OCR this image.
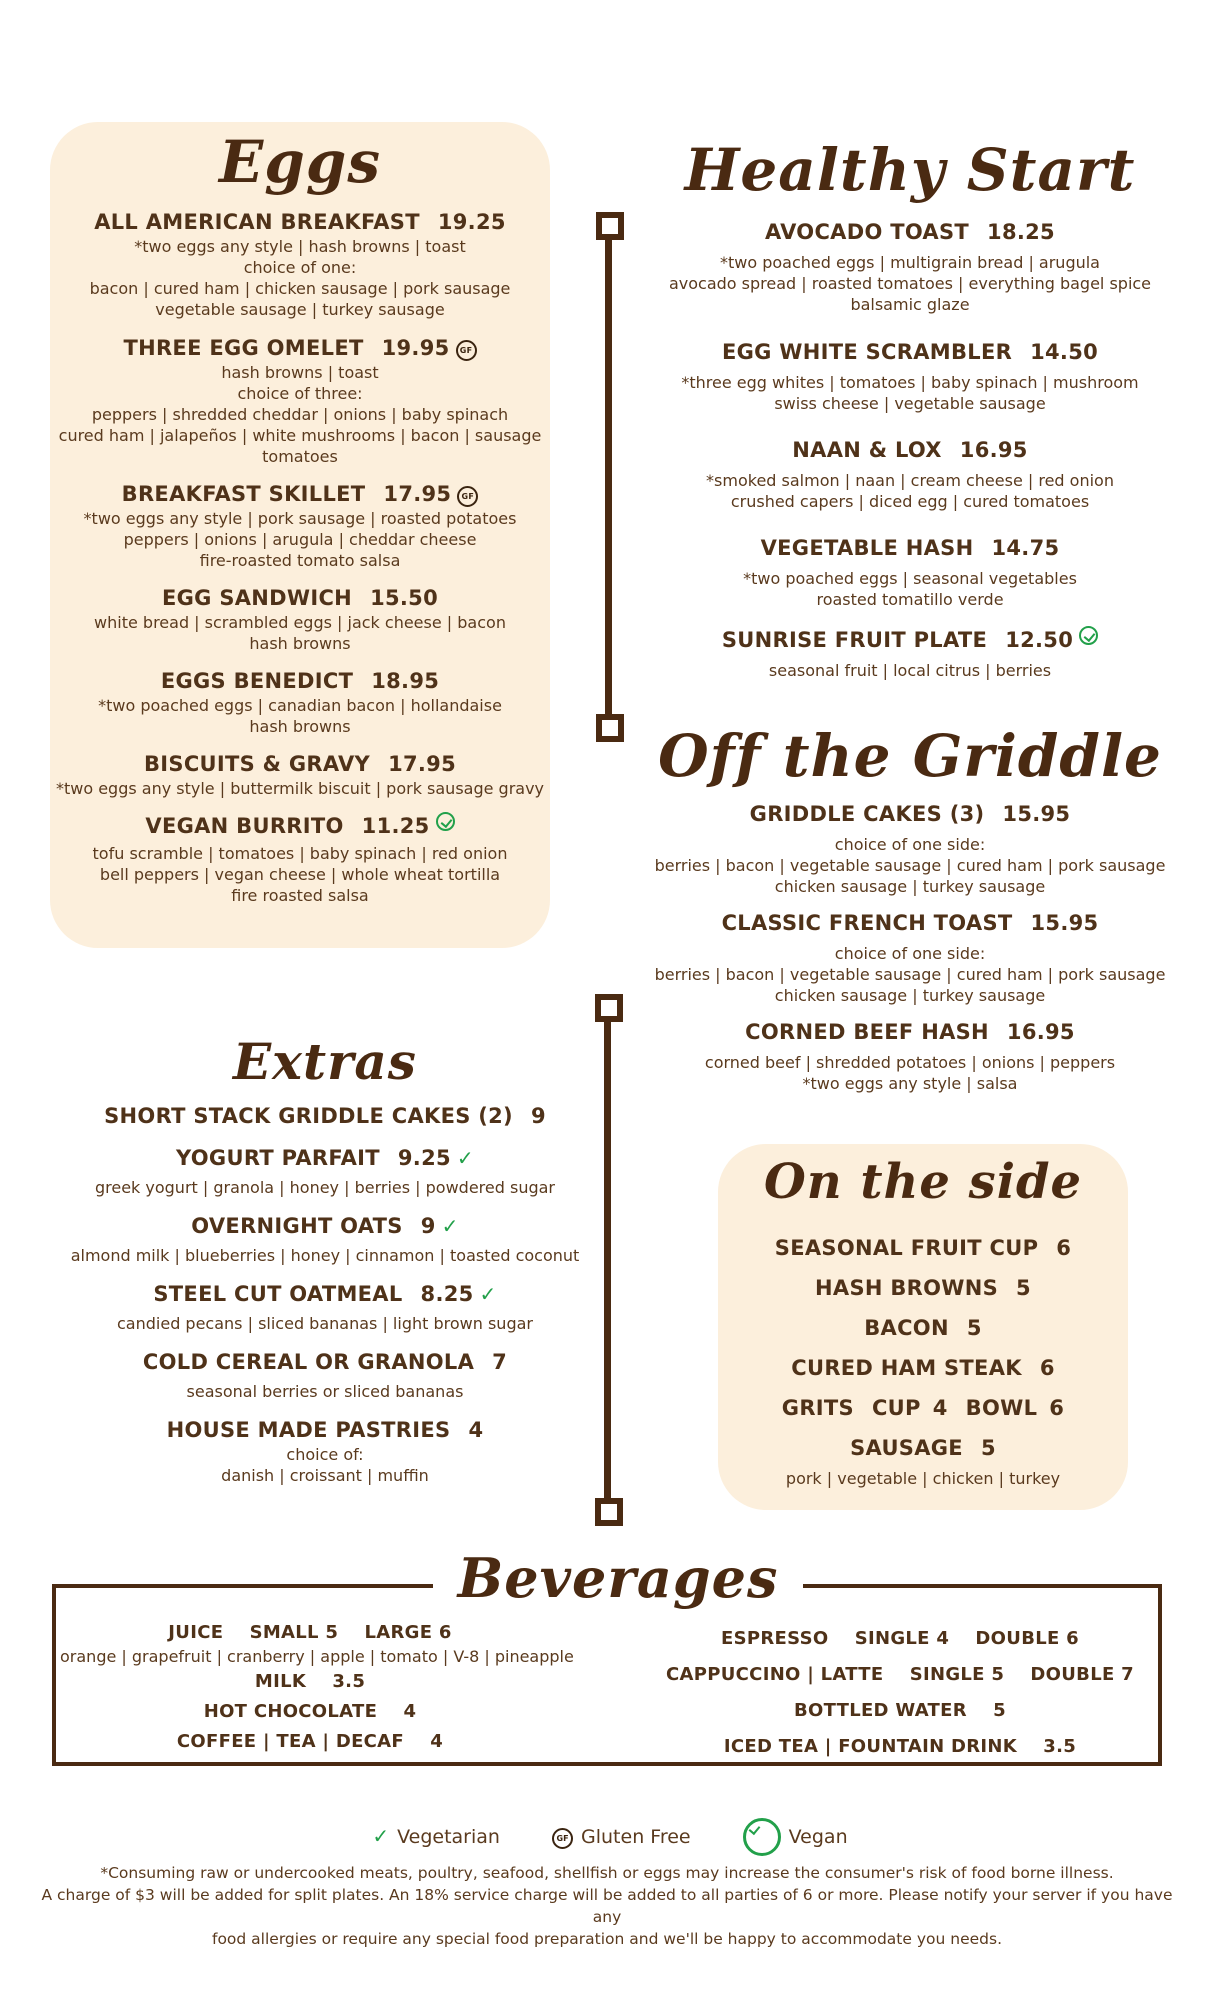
Eggs
ALL AMERICAN BREAKFAST 19.25
*two eggs any style | hash browns | toast
choice of one:
bacon | cured ham | chicken sausage | pork sausage
vegetable sausage | turkey sausage
THREE EGG OMELET 19.95 GF
hash browns | toast
choice of three:
peppers | shredded cheddar | onions | baby spinach
cured ham | jalapeños | white mushrooms | bacon | sausage
tomatoes
BREAKFAST SKILLET 17.95 GF
*two eggs any style | pork sausage | roasted potatoes
peppers | onions | arugula | cheddar cheese
fire-roasted tomato salsa
EGG SANDWICH 15.50
white bread | scrambled eggs | jack cheese | bacon
hash browns
EGGS BENEDICT 18.95
*two poached eggs | canadian bacon | hollandaise
hash browns
BISCUITS & GRAVY 17.95
*two eggs any style | buttermilk biscuit | pork sausage gravy
VEGAN BURRITO 11.25
tofu scramble | tomatoes | baby spinach | red onion
bell peppers | vegan cheese | whole wheat tortilla
fire roasted salsa
Healthy Start
AVOCADO TOAST 18.25
*two poached eggs | multigrain bread | arugula
avocado spread | roasted tomatoes | everything bagel spice
balsamic glaze
EGG WHITE SCRAMBLER 14.50
*three egg whites | tomatoes | baby spinach | mushroom
swiss cheese | vegetable sausage
NAAN & LOX 16.95
*smoked salmon | naan | cream cheese | red onion
crushed capers | diced egg | cured tomatoes
VEGETABLE HASH 14.75
*two poached eggs | seasonal vegetables
roasted tomatillo verde
SUNRISE FRUIT PLATE 12.50
seasonal fruit | local citrus | berries
Off the Griddle
GRIDDLE CAKES (3) 15.95
choice of one side:
berries | bacon | vegetable sausage | cured ham | pork sausage
chicken sausage | turkey sausage
CLASSIC FRENCH TOAST 15.95
choice of one side:
berries | bacon | vegetable sausage | cured ham | pork sausage
chicken sausage | turkey sausage
CORNED BEEF HASH 16.95
corned beef | shredded potatoes | onions | peppers
*two eggs any style | salsa
Extras
SHORT STACK GRIDDLE CAKES (2) 9
YOGURT PARFAIT 9.25 ✓
greek yogurt | granola | honey | berries | powdered sugar
OVERNIGHT OATS 9 ✓
almond milk | blueberries | honey | cinnamon | toasted coconut
STEEL CUT OATMEAL 8.25 ✓
candied pecans | sliced bananas | light brown sugar
COLD CEREAL OR GRANOLA 7
seasonal berries or sliced bananas
HOUSE MADE PASTRIES 4
choice of:
danish | croissant | muffin
On the side
SEASONAL FRUIT CUP 6
HASH BROWNS 5
BACON 5
CURED HAM STEAK 6
GRITS CUP 4 BOWL 6
SAUSAGE 5
pork | vegetable | chicken | turkey
Beverages
JUICE    SMALL 5    LARGE 6
orange | grapefruit | cranberry | apple | tomato | V-8 | pineapple
MILK    3.5
HOT CHOCOLATE    4
COFFEE | TEA | DECAF    4
ESPRESSO    SINGLE 4    DOUBLE 6
CAPPUCCINO | LATTE    SINGLE 5    DOUBLE 7
BOTTLED WATER    5
ICED TEA | FOUNTAIN DRINK    3.5
✓ Vegetarian	GF Gluten Free	Vegan
*Consuming raw or undercooked meats, poultry, seafood, shellfish or eggs may increase the consumer's risk of food borne illness.
A charge of $3 will be added for split plates. An 18% service charge will be added to all parties of 6 or more. Please notify your server if you have any
food allergies or require any special food preparation and we'll be happy to accommodate you needs.
